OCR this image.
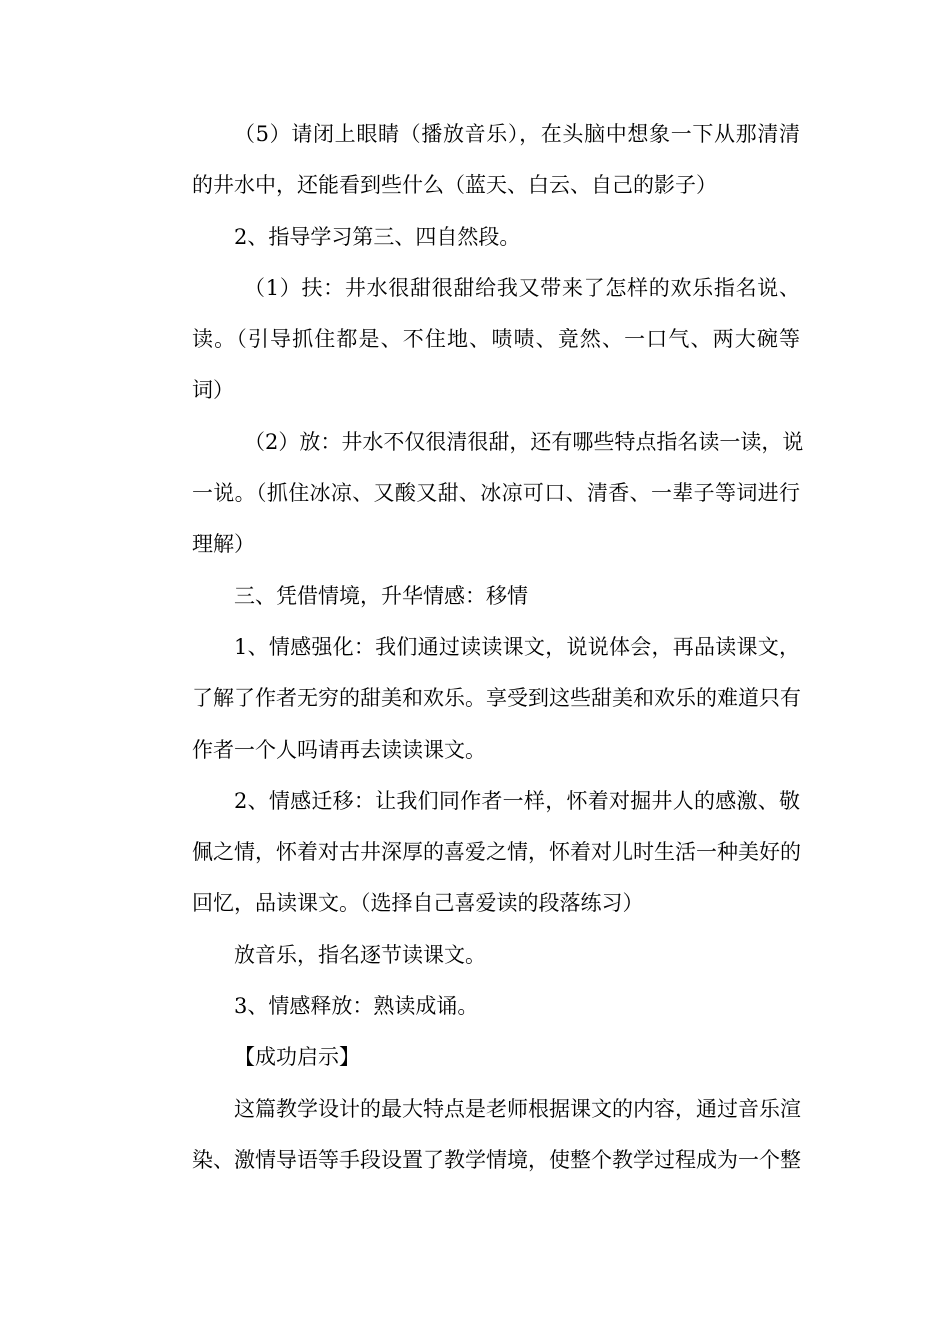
（5）请闭上眼睛（播放音乐），在头脑中想象一下从那清清
的井水中，还能看到些什么（蓝天、白云、自己的影子）
2、指导学习第三、四自然段。
（1）扶：井水很甜很甜给我又带来了怎样的欢乐指名说、
读。（引导抓住都是、不住地、啧啧、竟然、一口气、两大碗等
词）
（2）放：井水不仅很清很甜，还有哪些特点指名读一读，说
一说。（抓住冰凉、又酸又甜、冰凉可口、清香、一辈子等词进行
理解）
三、凭借情境，升华情感：移情
1、情感强化：我们通过读读课文，说说体会，再品读课文，
了解了作者无穷的甜美和欢乐。享受到这些甜美和欢乐的难道只有
作者一个人吗请再去读读课文。
2、情感迁移：让我们同作者一样，怀着对掘井人的感激、敬
佩之情，怀着对古井深厚的喜爱之情，怀着对儿时生活一种美好的
回忆，品读课文。（选择自己喜爱读的段落练习）
放音乐，指名逐节读课文。
3、情感释放：熟读成诵。
【成功启示】
这篇教学设计的最大特点是老师根据课文的内容，通过音乐渲
染、激情导语等手段设置了教学情境，使整个教学过程成为一个整
